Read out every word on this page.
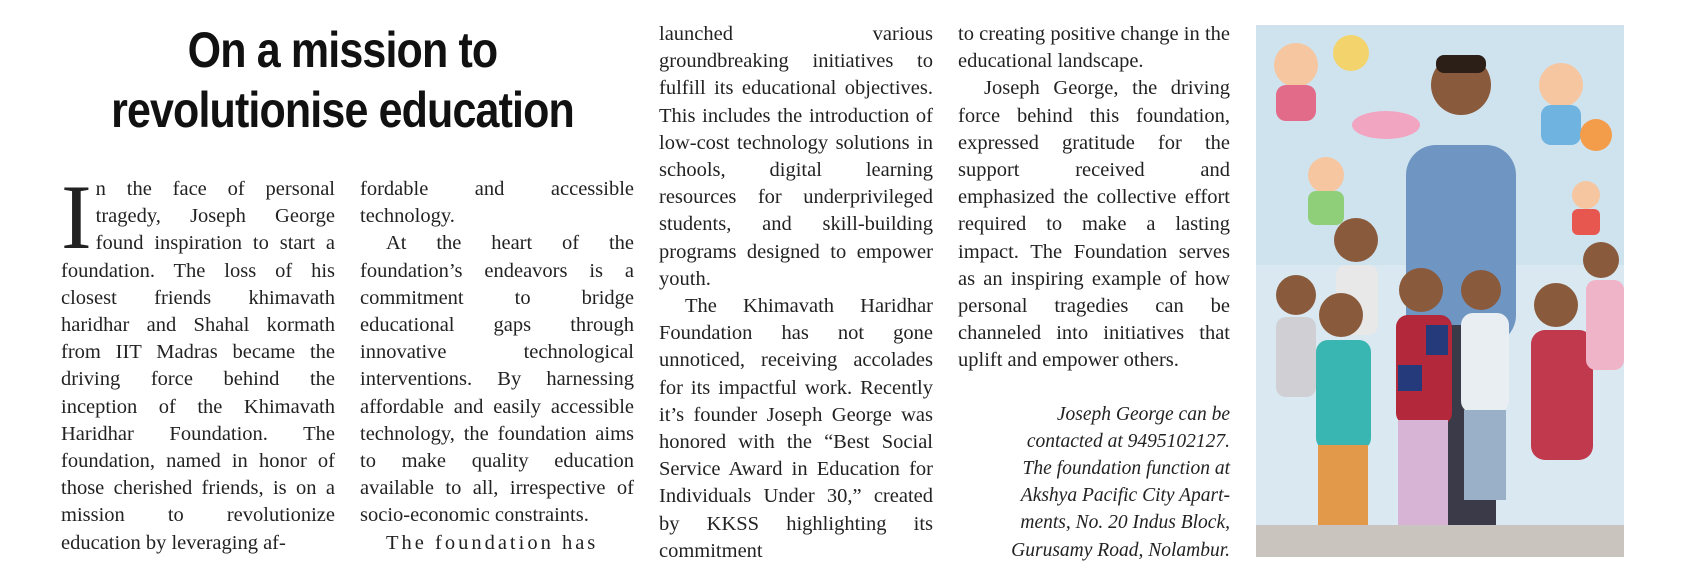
On a mission to
revolutionise education

In the face of personal tragedy, Joseph George found inspiration to start a foundation. The loss of his closest friends khimavath haridhar and Shahal kormath from IIT Madras became the driving force behind the inception of the Khimavath Haridhar Foundation. The foundation, named in honor of those cherished friends, is on a mission to revolutionize education by leveraging af-

fordable and accessible technology.

At the heart of the foundation’s endeavors is a commitment to bridge educational gaps through innovative technological interventions. By harnessing affordable and easily accessible technology, the foundation aims to make quality education available to all, irrespective of socio-economic constraints.

The foundation has

launched various groundbreaking initiatives to fulfill its educational objectives. This includes the introduction of low-cost technology solutions in schools, digital learning resources for underprivileged students, and skill-building programs designed to empower youth.

The Khimavath Haridhar Foundation has not gone unnoticed, receiving accolades for its impactful work. Recently it’s founder Joseph George was honored with the “Best Social Service Award in Education for Individuals Under 30,” created by KKSS highlighting its commitment

to creating positive change in the educational landscape.

Joseph George, the driving force behind this foundation, expressed gratitude for the support received and emphasized the collective effort required to make a lasting impact. The Foundation serves as an inspiring example of how personal tragedies can be channeled into initiatives that uplift and empower others.

Joseph George can be

contacted at 9495102127.

The foundation function at

Akshya Pacific City Apart-

ments, No. 20 Indus Block,

Gurusamy Road, Nolambur.
